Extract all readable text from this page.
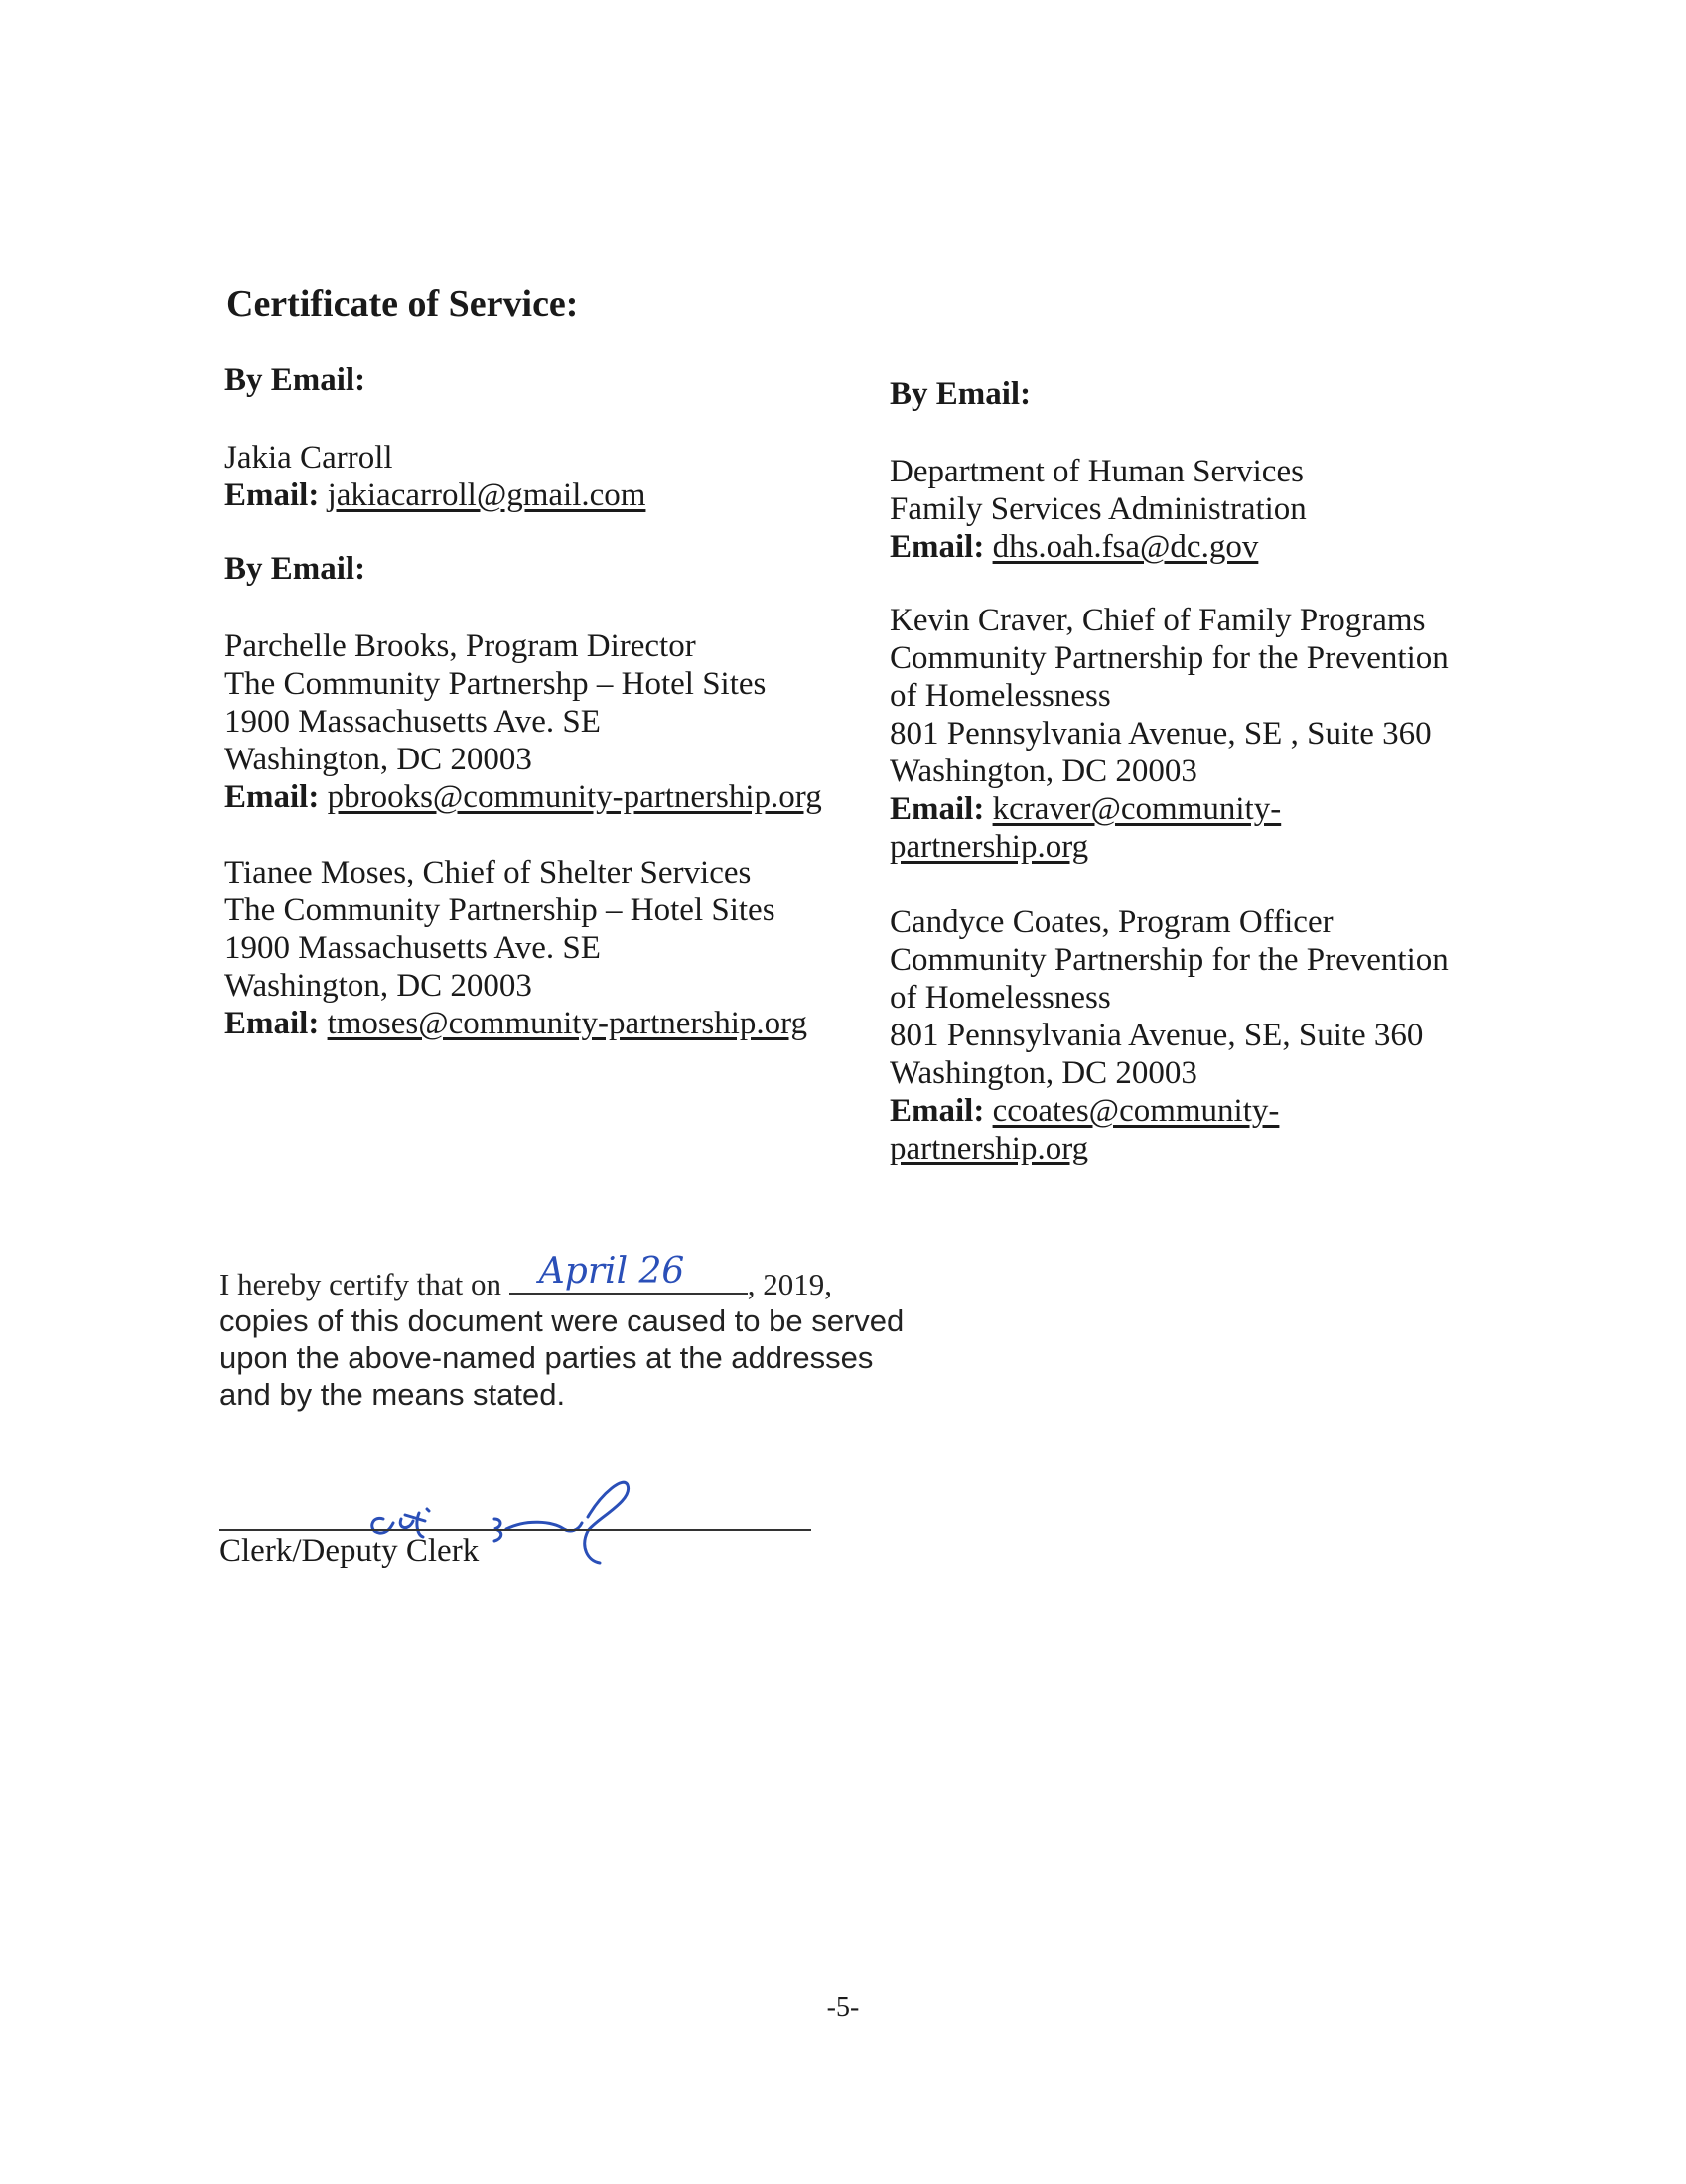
Certificate of Service:
By Email:
Jakia Carroll
Email: jakiacarroll@gmail.com
By Email:
Parchelle Brooks, Program Director
The Community Partnershp – Hotel Sites
1900 Massachusetts Ave. SE
Washington, DC 20003
Email: pbrooks@community-partnership.org
Tianee Moses, Chief of Shelter Services
The Community Partnership – Hotel Sites
1900 Massachusetts Ave. SE
Washington, DC 20003
Email: tmoses@community-partnership.org
By Email:
Department of Human Services
Family Services Administration
Email: dhs.oah.fsa@dc.gov
Kevin Craver, Chief of Family Programs
Community Partnership for the Prevention
of Homelessness
801 Pennsylvania Avenue, SE , Suite 360
Washington, DC 20003
Email: kcraver@community-
partnership.org
Candyce Coates, Program Officer
Community Partnership for the Prevention
of Homelessness
801 Pennsylvania Avenue, SE, Suite 360
Washington, DC 20003
Email: ccoates@community-
partnership.org
I hereby certify that on April 26 , 2019,
copies of this document were caused to be served
upon the above-named parties at the addresses
and by the means stated.
Clerk/Deputy Clerk
-5-
